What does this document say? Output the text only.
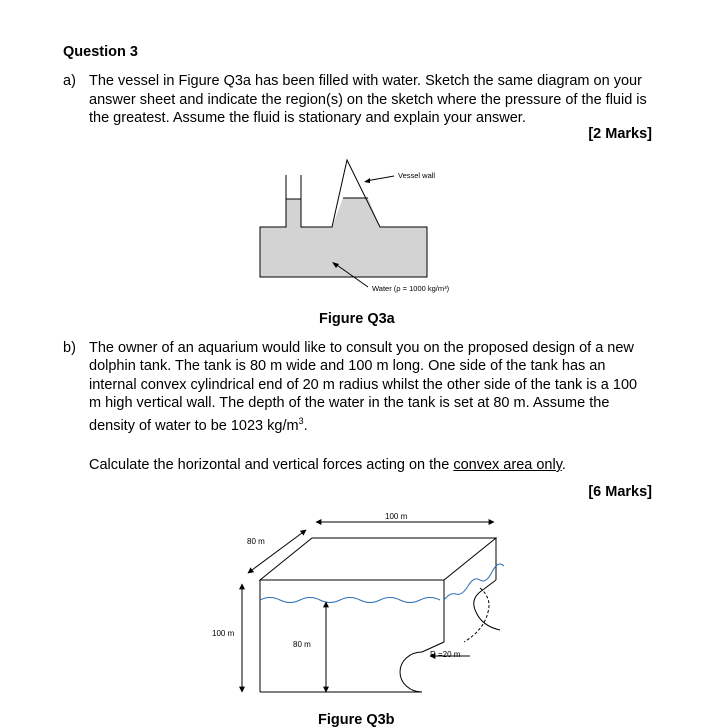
Question 3
a) The vessel in Figure Q3a has been filled with water. Sketch the same diagram on your
answer sheet and indicate the region(s) on the sketch where the pressure of the fluid is
the greatest. Assume the fluid is stationary and explain your answer.
[2 Marks]
Vessel wall
Water (ρ = 1000 kg/m³)
Figure Q3a
b) The owner of an aquarium would like to consult you on the proposed design of a new
dolphin tank. The tank is 80 m wide and 100 m long. One side of the tank has an
internal convex cylindrical end of 20 m radius whilst the other side of the tank is a 100
m high vertical wall. The depth of the water in the tank is set at 80 m. Assume the
density of water to be 1023 $kg/m^3$.
Calculate the horizontal and vertical forces acting on the convex area only.
[6 Marks]
100 m
80 m
100 m
80 m
R =20 m
Figure Q3b
